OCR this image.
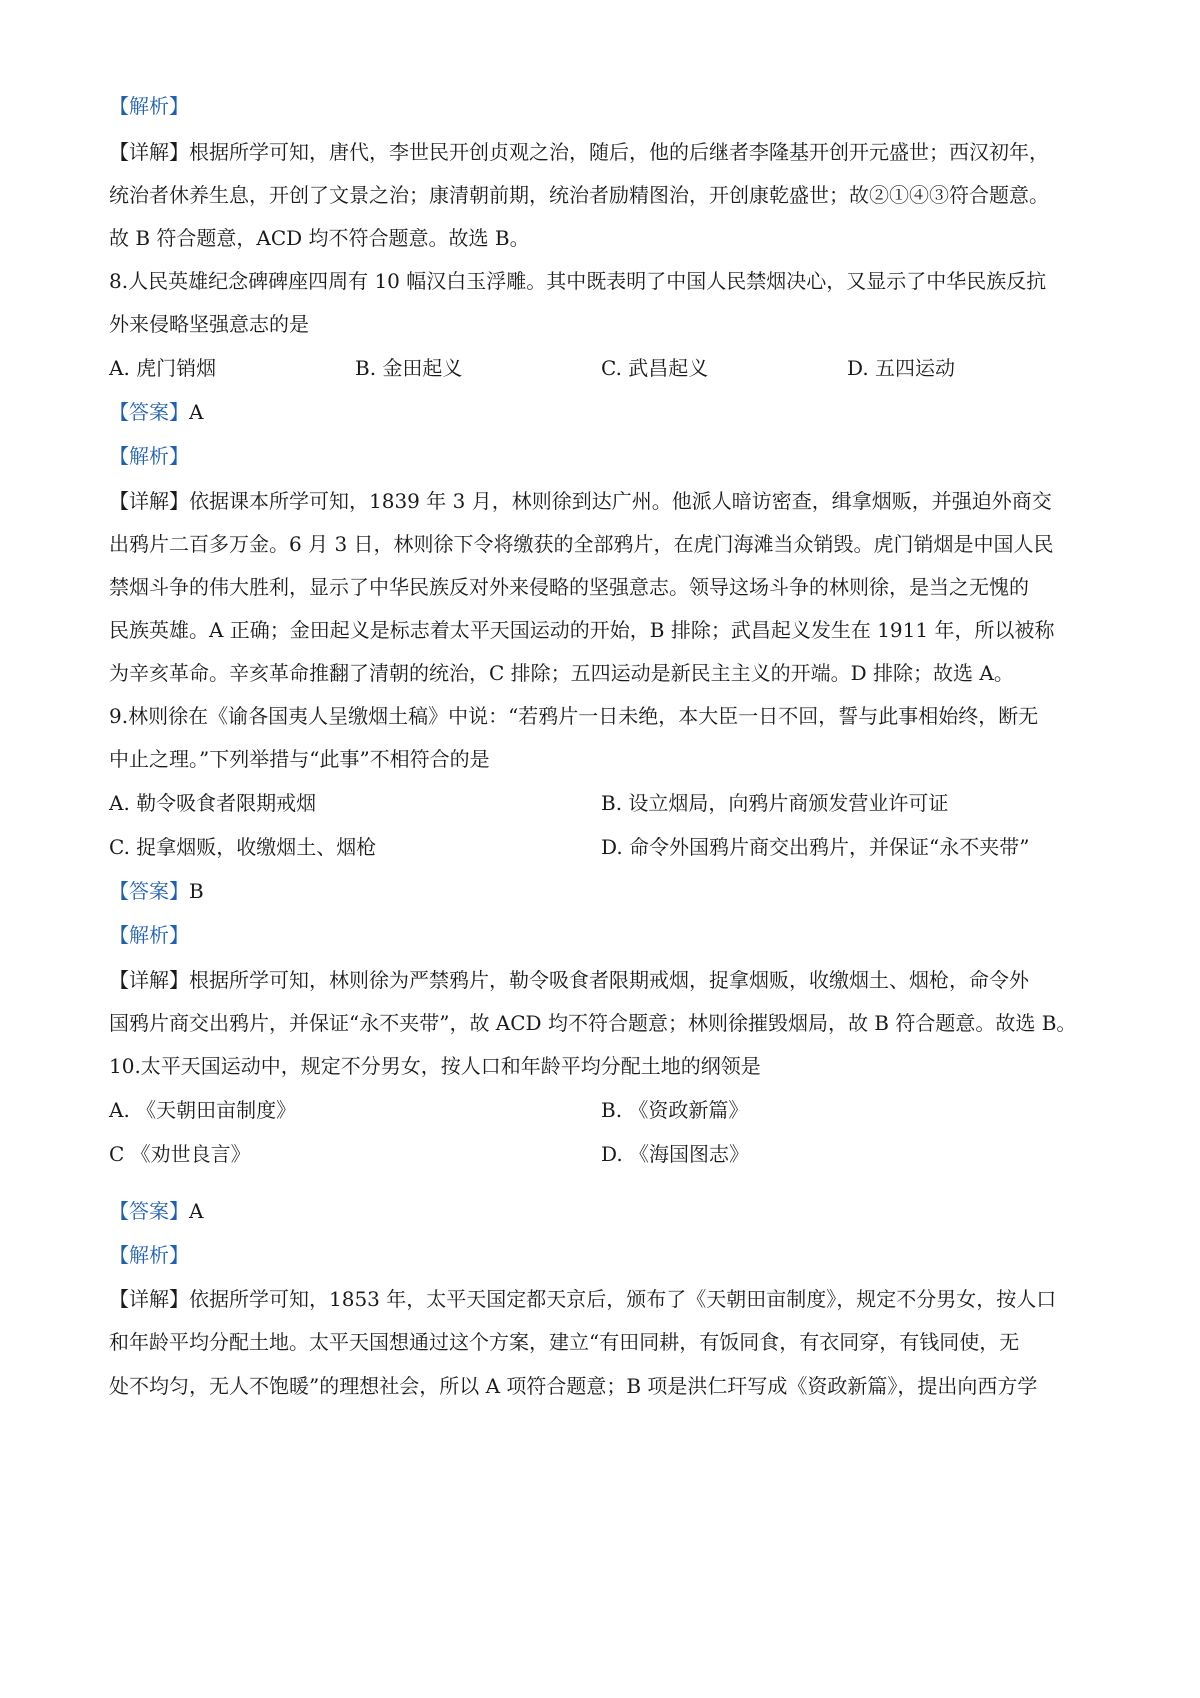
【解析】
【详解】根据所学可知，唐代，李世民开创贞观之治，随后，他的后继者李隆基开创开元盛世；西汉初年，
统治者休养生息，开创了文景之治；康清朝前期，统治者励精图治，开创康乾盛世；故②①④③符合题意。
故 B 符合题意，ACD 均不符合题意。故选 B。
8.人民英雄纪念碑碑座四周有 10 幅汉白玉浮雕。其中既表明了中国人民禁烟决心，又显示了中华民族反抗
外来侵略坚强意志的是
A. 虎门销烟	B. 金田起义	C. 武昌起义	D. 五四运动
【答案】A
【解析】
【详解】依据课本所学可知，1839 年 3 月，林则徐到达广州。他派人暗访密查，缉拿烟贩，并强迫外商交
出鸦片二百多万金。6 月 3 日，林则徐下令将缴获的全部鸦片，在虎门海滩当众销毁。虎门销烟是中国人民
禁烟斗争的伟大胜利，显示了中华民族反对外来侵略的坚强意志。领导这场斗争的林则徐，是当之无愧的
民族英雄。A 正确；金田起义是标志着太平天国运动的开始，B 排除；武昌起义发生在 1911 年，所以被称
为辛亥革命。辛亥革命推翻了清朝的统治，C 排除；五四运动是新民主主义的开端。D 排除；故选 A。
9.林则徐在《谕各国夷人呈缴烟土稿》中说：“若鸦片一日未绝，本大臣一日不回，誓与此事相始终，断无
中止之理。”下列举措与“此事”不相符合的是
A. 勒令吸食者限期戒烟	B. 设立烟局，向鸦片商颁发营业许可证
C. 捉拿烟贩，收缴烟土、烟枪	D. 命令外国鸦片商交出鸦片，并保证“永不夹带”
【答案】B
【解析】
【详解】根据所学可知，林则徐为严禁鸦片，勒令吸食者限期戒烟，捉拿烟贩，收缴烟土、烟枪，命令外
国鸦片商交出鸦片，并保证“永不夹带”，故 ACD 均不符合题意；林则徐摧毁烟局，故 B 符合题意。故选 B。
10.太平天国运动中，规定不分男女，按人口和年龄平均分配土地的纲领是
A. 《天朝田亩制度》	B. 《资政新篇》
C 《劝世良言》	D. 《海国图志》
【答案】A
【解析】
【详解】依据所学可知，1853 年，太平天国定都天京后，颁布了《天朝田亩制度》，规定不分男女，按人口
和年龄平均分配土地。太平天国想通过这个方案，建立“有田同耕，有饭同食，有衣同穿，有钱同使，无
处不均匀，无人不饱暖”的理想社会，所以 A 项符合题意；B 项是洪仁玕写成《资政新篇》，提出向西方学
